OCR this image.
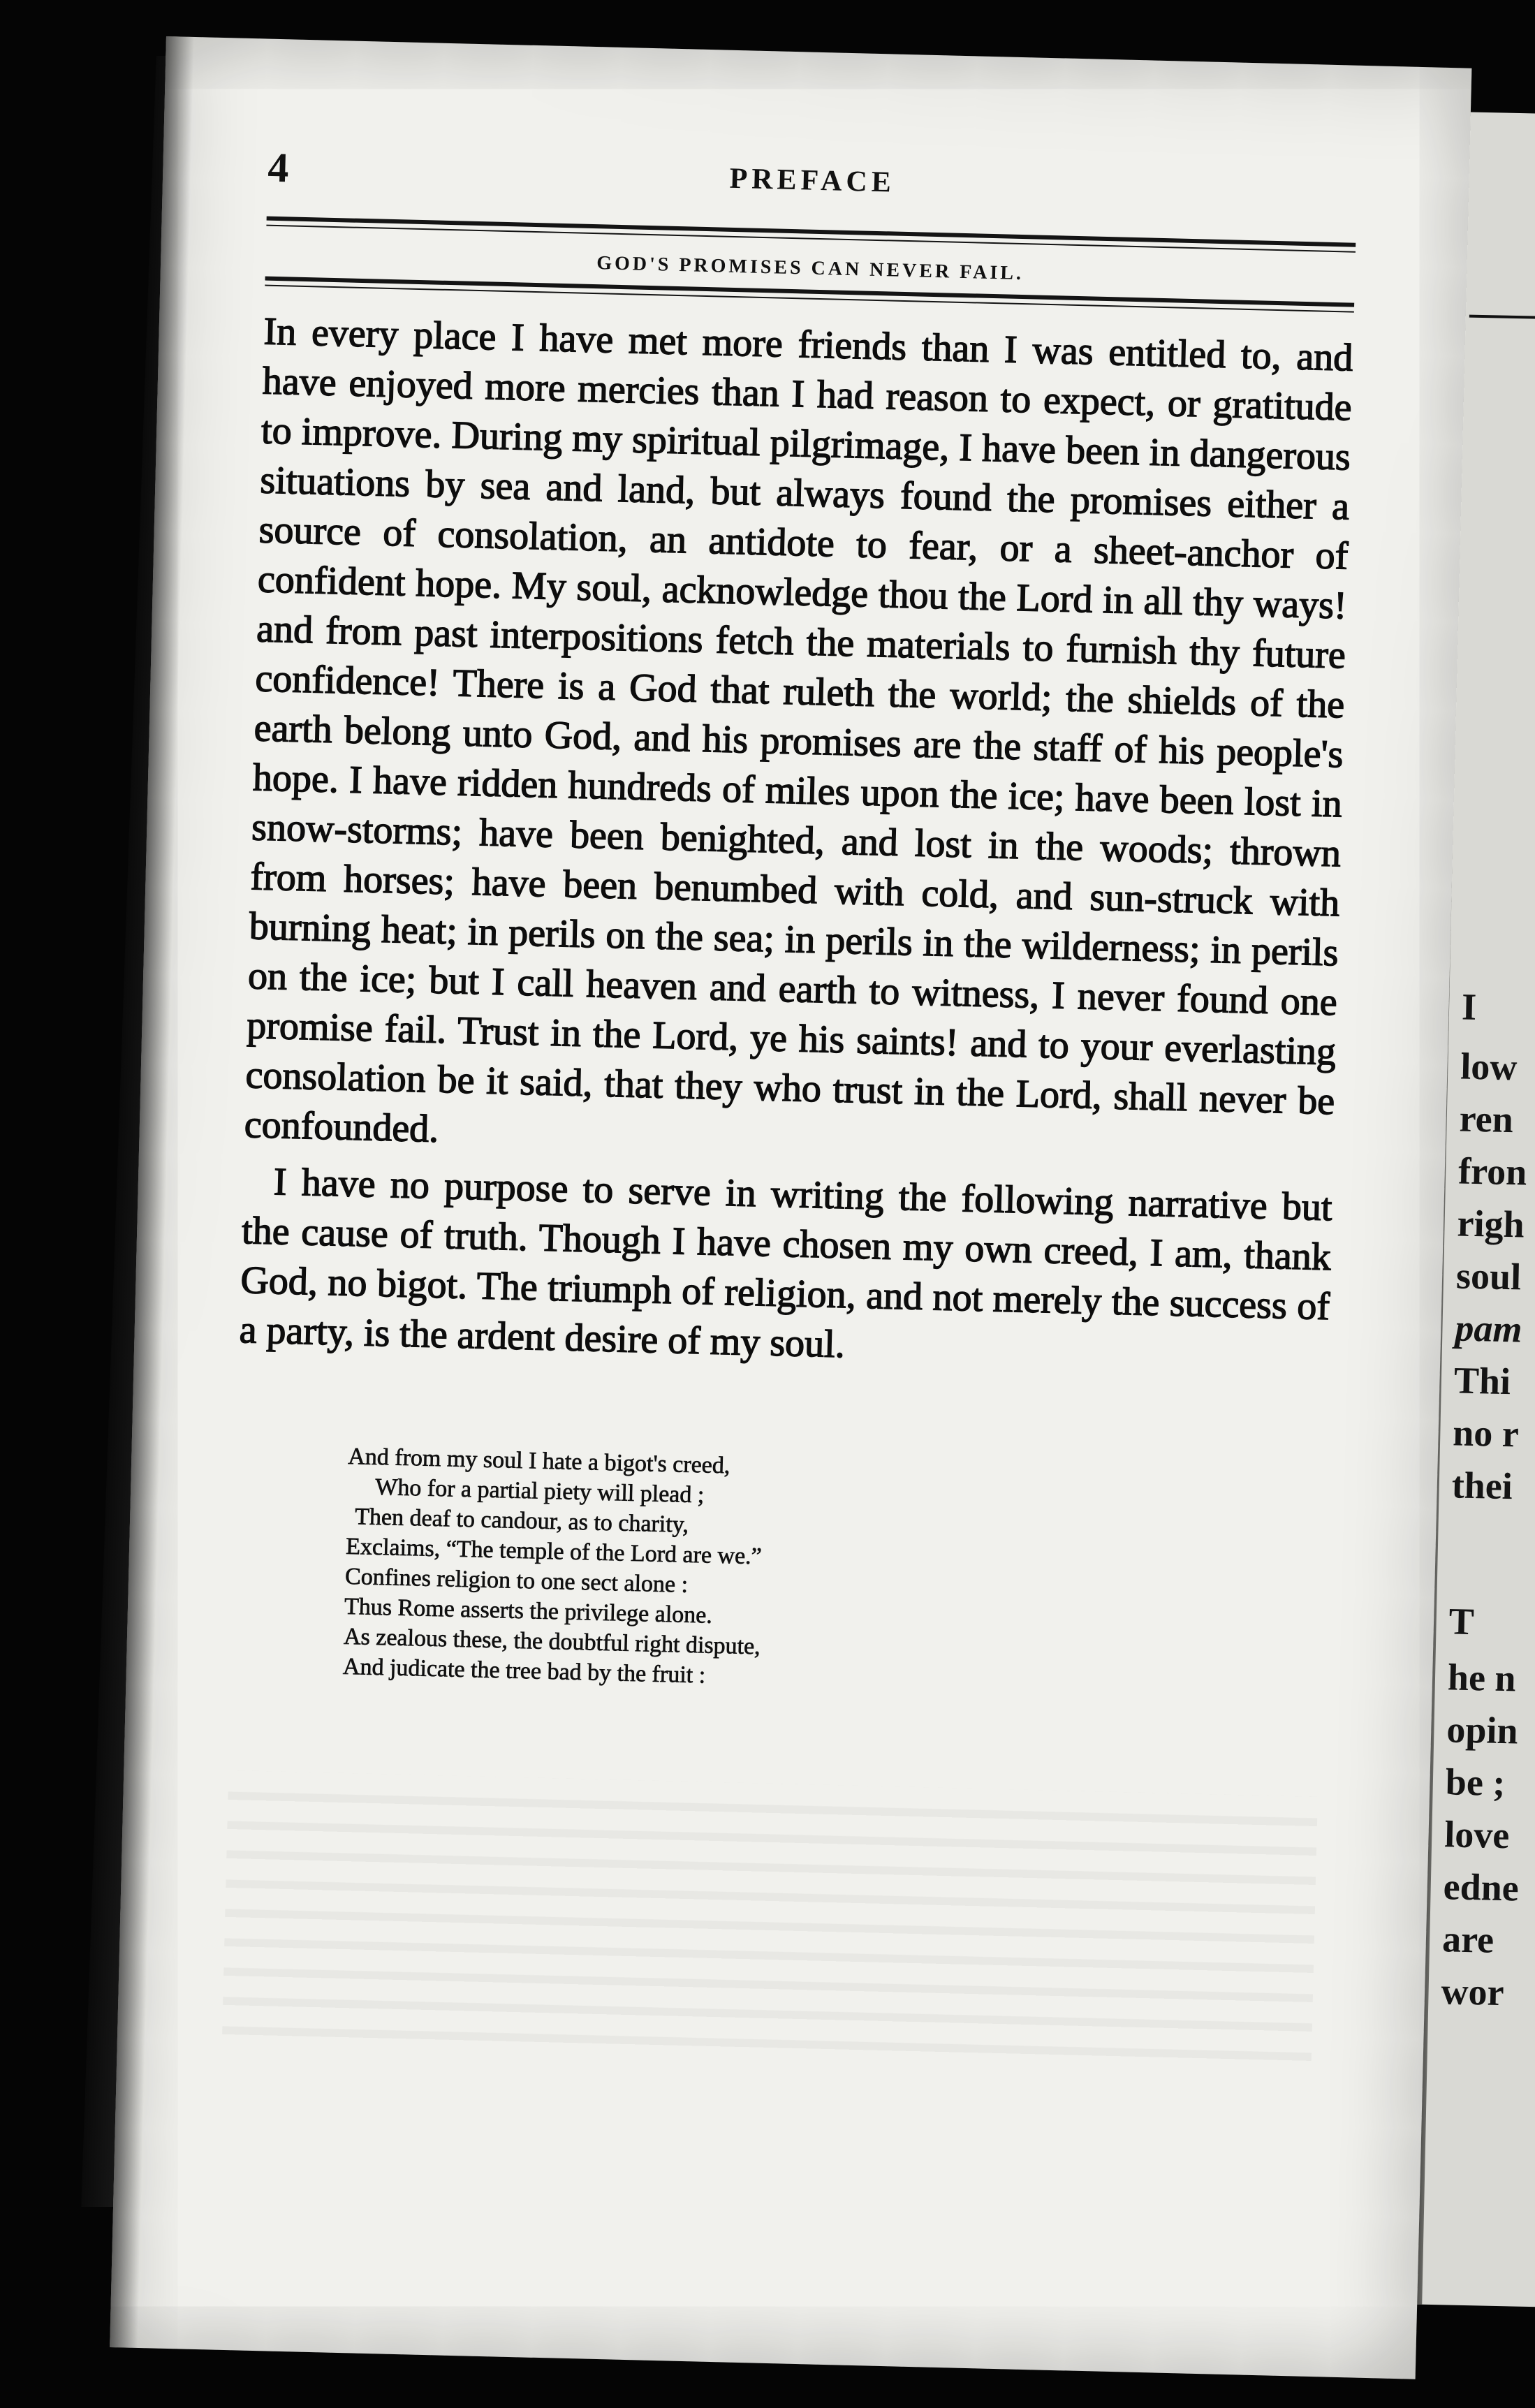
I
low
ren
fron
righ
soul
pam
Thi
no r
thei
T
he n
opin
be ;
love
edne
are
wor
4	PREFACE
GOD'S PROMISES CAN NEVER FAIL.

In every place I have met more friends than I was entitled to, and have enjoyed more mercies than I had reason to expect, or gratitude to improve. During my spiritual pilgrimage, I have been in dangerous situations by sea and land, but always found the promises either a source of consolation, an antidote to fear, or a sheet-anchor of confident hope. My soul, acknowledge thou the Lord in all thy ways! and from past interpositions fetch the materials to furnish thy future confidence! There is a God that ruleth the world; the shields of the earth belong unto God, and his promises are the staff of his people's hope. I have ridden hundreds of miles upon the ice; have been lost in snow-storms; have been benighted, and lost in the woods; thrown from horses; have been benumbed with cold, and sun-struck with burning heat; in perils on the sea; in perils in the wilderness; in perils on the ice; but I call heaven and earth to witness, I never found one promise fail. Trust in the Lord, ye his saints! and to your everlasting consolation be it said, that they who trust in the Lord, shall never be confounded.

I have no purpose to serve in writing the following narrative but the cause of truth. Though I have chosen my own creed, I am, thank God, no bigot. The triumph of religion, and not merely the success of a party, is the ardent desire of my soul.

And from my soul I hate a bigot's creed,
Who for a partial piety will plead ;
Then deaf to candour, as to charity,
Exclaims, “The temple of the Lord are we.”
Confines religion to one sect alone :
Thus Rome asserts the privilege alone.
As zealous these, the doubtful right dispute,
And judicate the tree bad by the fruit :
